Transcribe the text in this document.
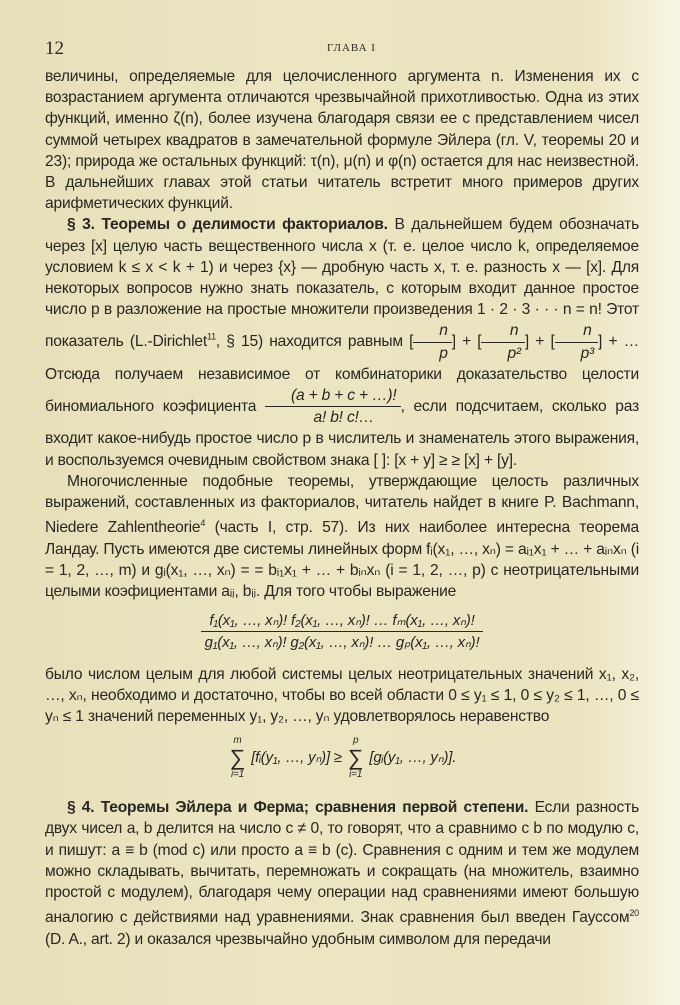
12	ГЛАВА I

величины, определяемые для целочисленного аргумента n. Изменения их с возрастанием аргумента отличаются чрезвычайной прихотливостью. Одна из этих функций, именно ζ(n), более изучена благодаря связи ее с представлением чисел суммой четырех квадратов в замечательной формуле Эйлера (гл. V, теоремы 20 и 23); природа же остальных функций: τ(n), μ(n) и φ(n) остается для нас неизвестной. В дальнейших главах этой статьи читатель встретит много примеров других арифметических функций.

§ 3. Теоремы о делимости факториалов. В дальнейшем будем обозначать через [x] целую часть вещественного числа x (т. е. целое число k, определяемое условием k ≤ x < k + 1) и через {x} — дробную часть x, т. е. разность x — [x]. Для некоторых вопросов нужно знать показатель, с которым входит данное простое число p в разложение на простые множители произведения 1 · 2 · 3 · · · n = n! Этот показатель (L.-Dirichlet$^{11}$, § 15) находится равным [ $\frac{n}{p}$ ] + [ $\frac{n}{\text{p²}}$ ] + [ $\frac{n}{\text{p³}}$ ] + … Отсюда получаем независимое от комбинаторики доказательство целости биномиального коэфициента $\frac{(a + b + c + \dots)!}{a! b! c!\dots}$ , если подсчитаем, сколько раз входит какое-нибудь простое число p в числитель и знаменатель этого выражения, и воспользуемся очевидным свойством знака [ ]: [x + y] ≥ ≥ [x] + [y].

Многочисленные подобные теоремы, утверждающие целость различных выражений, составленных из факториалов, читатель найдет в книге P. Bachmann, Niedere Zahlentheorie$^4$ (часть I, стр. 57). Из них наиболее интересна теорема Ландау. Пусть имеются две системы линейных форм fᵢ(x₁, …, xₙ) = aᵢ₁x₁ + … + aᵢₙxₙ (i = 1, 2, …, m) и gᵢ(x₁, …, xₙ) = = bᵢ₁x₁ + … + bᵢₙxₙ (i = 1, 2, …, p) с неотрицательными целыми коэфициентами aᵢⱼ, bᵢⱼ. Для того чтобы выражение

$\frac{\text{f₁(x₁, …, xₙ)! f₂(x₁, …, xₙ)! … fₘ(x₁, …, xₙ)!}}{\text{g₁(x₁, …, xₙ)! g₂(x₁, …, xₙ)! … gₚ(x₁, …, xₙ)!}}$

было числом целым для любой системы целых неотрицательных значений x₁, x₂, …, xₙ, необходимо и достаточно, чтобы во всей области 0 ≤ y₁ ≤ 1, 0 ≤ y₂ ≤ 1, …, 0 ≤ yₙ ≤ 1 значений переменных y₁, y₂, …, yₙ удовлетворялось неравенство

m
∑
i=1
[fᵢ(y₁, …, yₙ)] ≥
p
∑
i=1
[gᵢ(y₁, …, yₙ)].

§ 4. Теоремы Эйлера и Ферма; сравнения первой степени. Если разность двух чисел a, b делится на число c ≠ 0, то говорят, что a сравнимо с b по модулю c, и пишут: a ≡ b (mod c) или просто a ≡ b (c). Сравнения с одним и тем же модулем можно складывать, вычитать, перемножать и сокращать (на множитель, взаимно простой с модулем), благодаря чему операции над сравнениями имеют большую аналогию с действиями над уравнениями. Знак сравнения был введен Гауссом$^{20}$ (D. A., art. 2) и оказался чрезвычайно удобным символом для передачи
